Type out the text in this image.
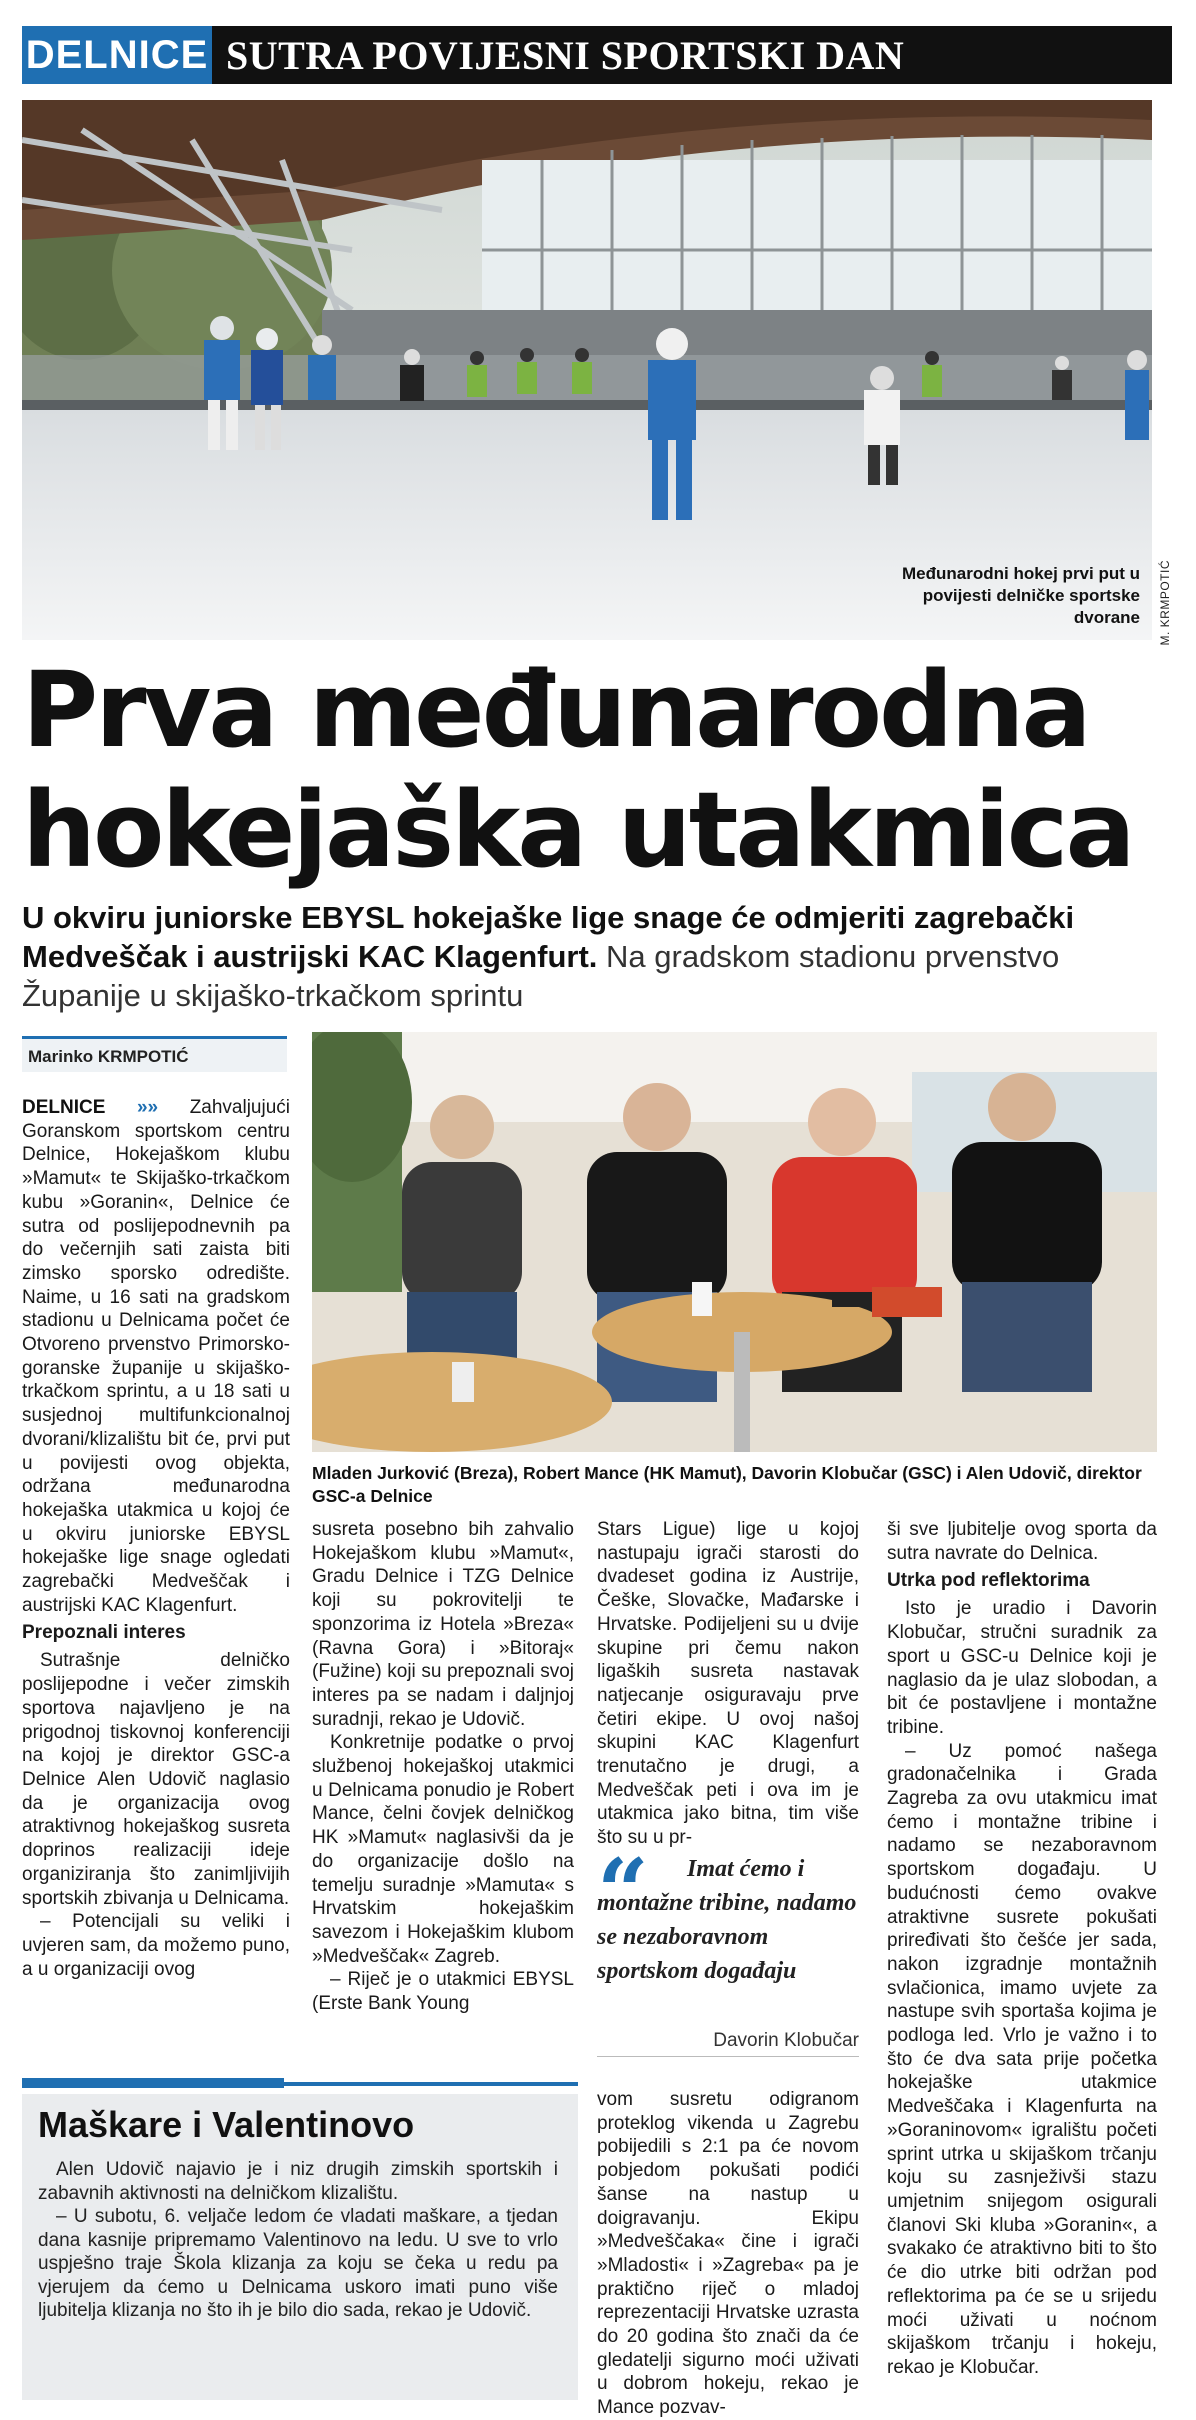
DELNICE SUTRA POVIJESNI SPORTSKI DAN
Međunarodni hokej prvi put u povijesti delničke sportske dvorane M. KRMPOTIĆ
Prva međunarodna hokejaška utakmica
U okviru juniorske EBYSL hokejaške lige snage će odmjeriti zagrebački Medveščak i austrijski KAC Klagenfurt. Na gradskom stadionu prvenstvo Županije u skijaško-trkačkom sprintu
Marinko KRMPOTIĆ
Mladen Jurković (Breza), Robert Mance (HK Mamut), Davorin Klobučar (GSC) i Alen Udovič, direktor GSC-a Delnice

DELNICE »» Zahvaljujući Goranskom sportskom centru Delnice, Hokejaškom klubu »Mamut« te Skijaško-trkačkom kubu »Goranin«, Delnice će sutra od poslijepodnevnih pa do večernjih sati zaista biti zimsko sporsko odredište. Naime, u 16 sati na gradskom stadionu u Delnicama počet će Otvoreno prvenstvo Primorsko-goranske županije u skijaško-trkačkom sprintu, a u 18 sati u susjednoj multifunkcionalnoj dvorani/klizalištu bit će, prvi put u povijesti ovog objekta, održana međunarodna hokejaška utakmica u kojoj će u okviru juniorske EBYSL hokejaške lige snage ogledati zagrebački Medveščak i austrijski KAC Klagenfurt.

Prepoznali interes

Sutrašnje delničko poslijepodne i večer zimskih sportova najavljeno je na prigodnoj tiskovnoj konferenciji na kojoj je direktor GSC-a Delnice Alen Udovič naglasio da je organizacija ovog atraktivnog hokejaškog susreta doprinos realizaciji ideje organiziranja što zanimljivijih sportskih zbivanja u Delnicama.

– Potencijali su veliki i uvjeren sam, da možemo puno, a u organizaciji ovog

susreta posebno bih zahvalio Hokejaškom klubu »Mamut«, Gradu Delnice i TZG Delnice koji su pokrovitelji te sponzorima iz Hotela »Breza« (Ravna Gora) i »Bitoraj« (Fužine) koji su prepoznali svoj interes pa se nadam i daljnjoj suradnji, rekao je Udovič.

Konkretnije podatke o prvoj službenoj hokejaškoj utakmici u Delnicama ponudio je Robert Mance, čelni čovjek delničkog HK »Mamut« naglasivši da je do organizacije došlo na temelju suradnje »Mamuta« s Hrvatskim hokejaškim savezom i Hokejaškim klubom »Medveščak« Zagreb.

– Riječ je o utakmici EBYSL (Erste Bank Young

Stars Ligue) lige u kojoj nastupaju igrači starosti do dvadeset godina iz Austrije, Češke, Slovačke, Mađarske i Hrvatske. Podijeljeni su u dvije skupine pri čemu nakon ligaških susreta nastavak natjecanje osiguravaju prve četiri ekipe. U ovoj našoj skupini KAC Klagenfurt trenutačno je drugi, a Medveščak peti i ova im je utakmica jako bitna, tim više što su u pr-

“	Imat ćemo i montažne tribine, nadamo se nezaboravnom sportskom događaju
Davorin Klobučar

vom susretu odigranom proteklog vikenda u Zagrebu pobijedili s 2:1 pa će novom pobjedom pokušati podići šanse na nastup u doigravanju. Ekipu »Medveščaka« čine i igrači »Mladosti« i »Zagreba« pa je praktično riječ o mladoj reprezentaciji Hrvatske uzrasta do 20 godina što znači da će gledatelji sigurno moći uživati u dobrom hokeju, rekao je Mance pozvav-

ši sve ljubitelje ovog sporta da sutra navrate do Delnica.

Utrka pod reflektorima

Isto je uradio i Davorin Klobučar, stručni suradnik za sport u GSC-u Delnice koji je naglasio da je ulaz slobodan, a bit će postavljene i montažne tribine.

– Uz pomoć našega gradonačelnika i Grada Zagreba za ovu utakmicu imat ćemo i montažne tribine i nadamo se nezaboravnom sportskom događaju. U budućnosti ćemo ovakve atraktivne susrete pokušati priređivati što češće jer sada, nakon izgradnje montažnih svlačionica, imamo uvjete za nastupe svih sportaša kojima je podloga led. Vrlo je važno i to što će dva sata prije početka hokejaške utakmice Medveščaka i Klagenfurta na »Goraninovom« igralištu početi sprint utrka u skijaškom trčanju koju su zasnježivši stazu umjetnim snijegom osigurali članovi Ski kluba »Goranin«, a svakako će atraktivno biti to što će dio utrke biti održan pod reflektorima pa će se u srijedu moći uživati u noćnom skijaškom trčanju i hokeju, rekao je Klobučar.

Maškare i Valentinovo

Alen Udovič najavio je i niz drugih zimskih sportskih i zabavnih aktivnosti na delničkom klizalištu.

– U subotu, 6. veljače ledom će vladati maškare, a tjedan dana kasnije pripremamo Valentinovo na ledu. U sve to vrlo uspješno traje Škola klizanja za koju se čeka u redu pa vjerujem da ćemo u Delnicama uskoro imati puno više ljubitelja klizanja no što ih je bilo dio sada, rekao je Udovič.
